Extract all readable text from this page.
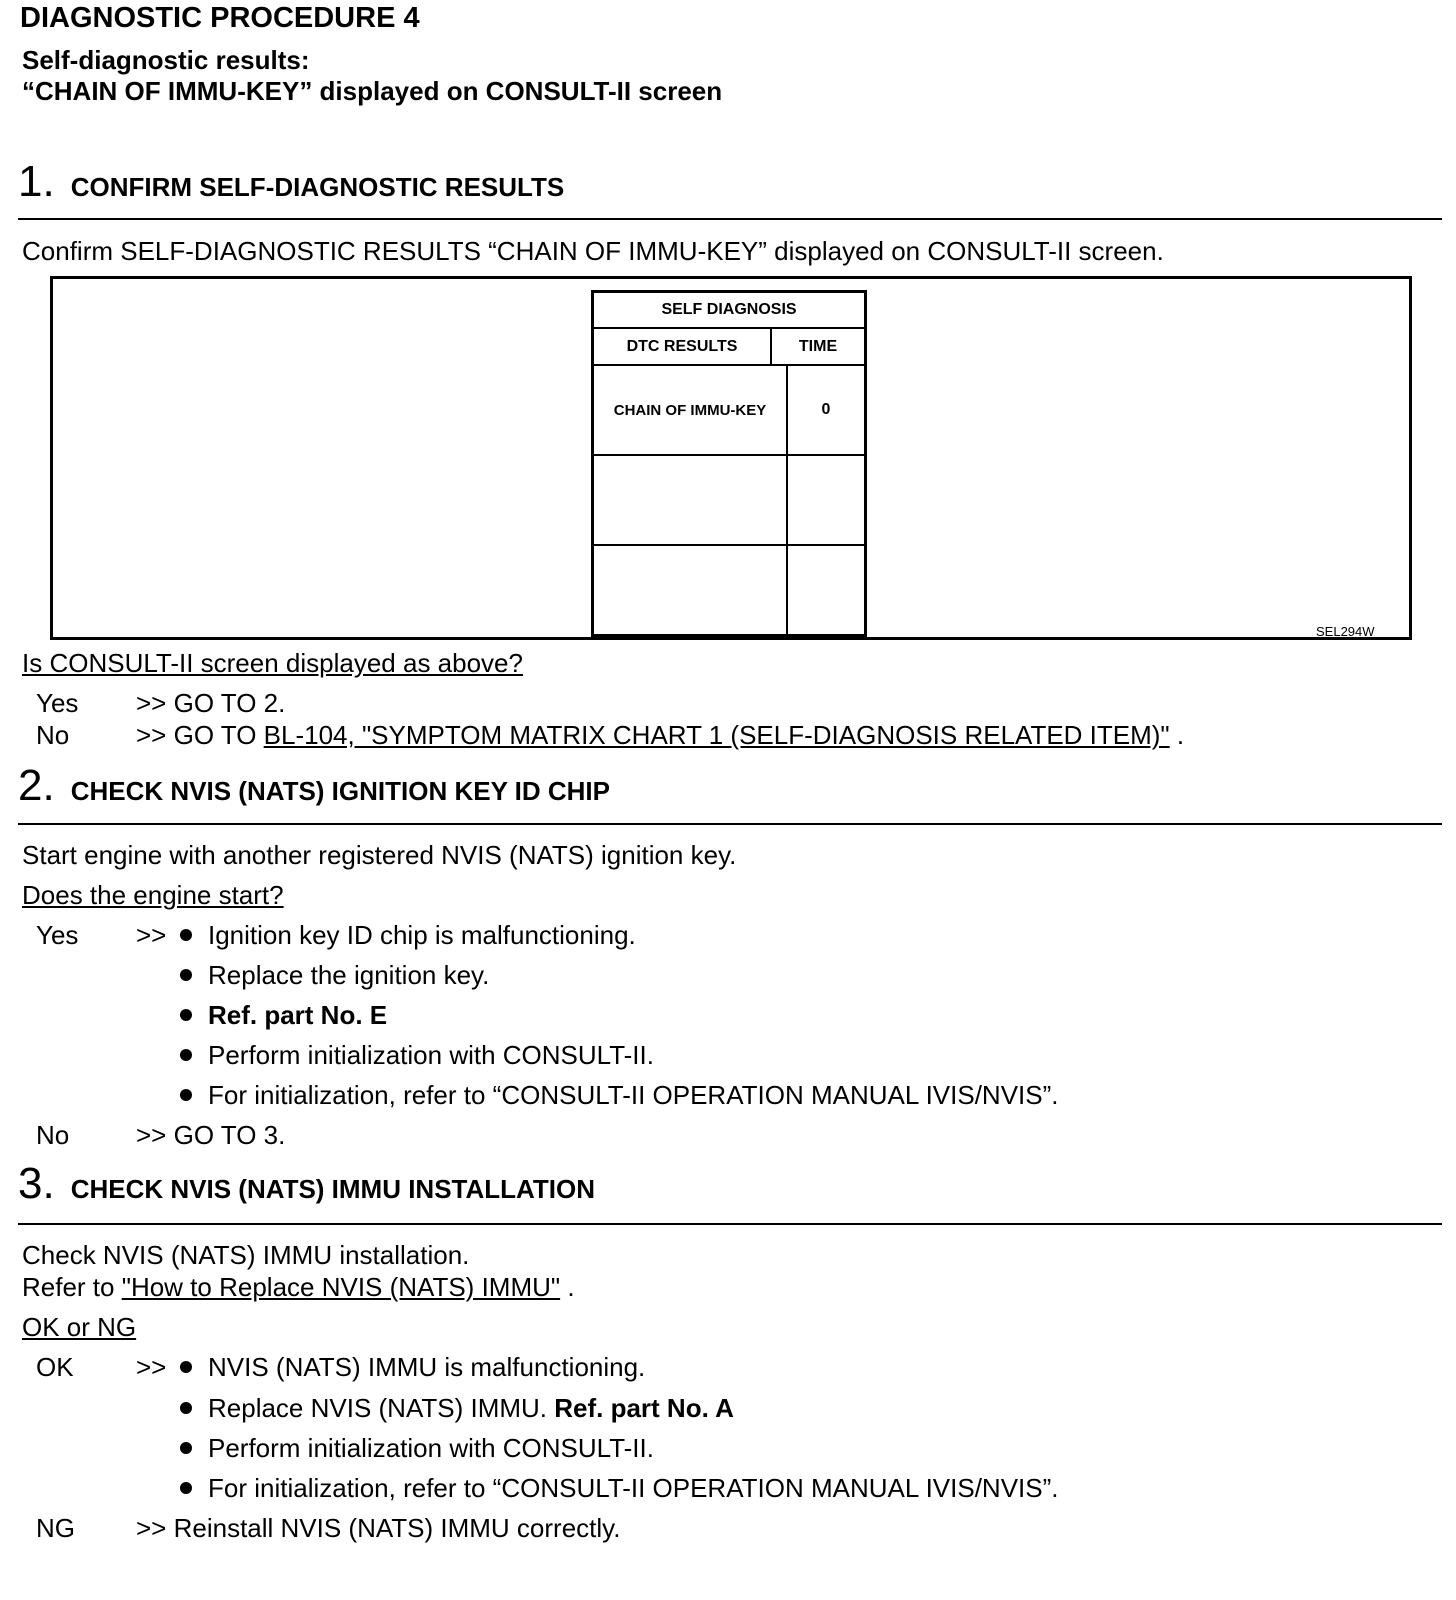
DIAGNOSTIC PROCEDURE 4
Self-diagnostic results:
“CHAIN OF IMMU-KEY” displayed on CONSULT-II screen
1. CONFIRM SELF-DIAGNOSTIC RESULTS
Confirm SELF-DIAGNOSTIC RESULTS “CHAIN OF IMMU-KEY” displayed on CONSULT-II screen.
SELF DIAGNOSIS
DTC RESULTS	TIME
CHAIN OF IMMU-KEY	0
SEL294W
Is CONSULT-II screen displayed as above?
Yes >> GO TO 2.
No	>> GO TO BL-104, "SYMPTOM MATRIX CHART 1 (SELF-DIAGNOSIS RELATED ITEM)" .
2. CHECK NVIS (NATS) IGNITION KEY ID CHIP
Start engine with another registered NVIS (NATS) ignition key.
Does the engine start?
Yes >>	Ignition key ID chip is malfunctioning.
Replace the ignition key.
Ref. part No. E
Perform initialization with CONSULT-II.
For initialization, refer to “CONSULT-II OPERATION MANUAL IVIS/NVIS”.
No	>> GO TO 3.
3. CHECK NVIS (NATS) IMMU INSTALLATION
Check NVIS (NATS) IMMU installation.
Refer to "How to Replace NVIS (NATS) IMMU" .
OK or NG
OK >>	NVIS (NATS) IMMU is malfunctioning.
Replace NVIS (NATS) IMMU. Ref. part No. A
Perform initialization with CONSULT-II.
For initialization, refer to “CONSULT-II OPERATION MANUAL IVIS/NVIS”.
NG >> Reinstall NVIS (NATS) IMMU correctly.
